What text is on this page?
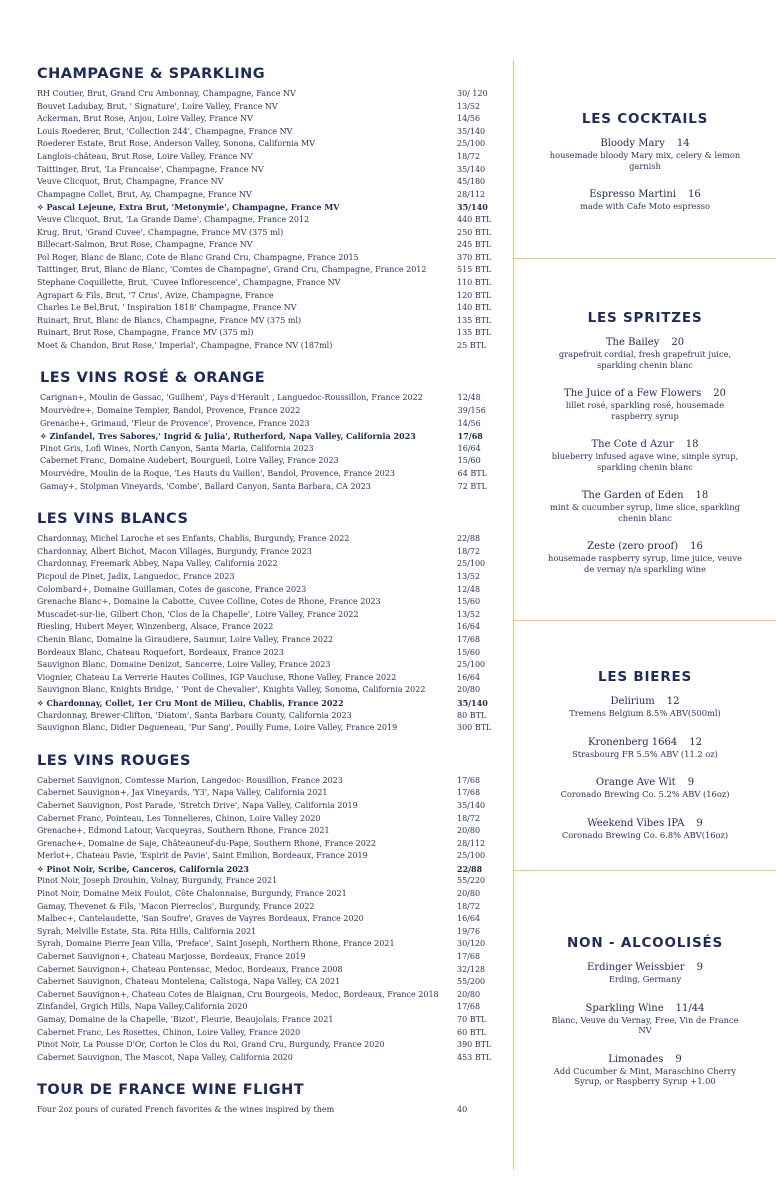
CHAMPAGNE & SPARKLING
RH Coutier, Brut, Grand Cru Ambonnay, Champagne, Fance NV	30/ 120
Bouvet Ladubay, Brut, ' Signature', Loire Valley, France NV	13/52
Ackerman, Brut Rose, Anjou, Loire Valley, France NV	14/56
Louis Roederer, Brut, 'Collection 244', Champagne, France NV	35/140
Roederer Estate, Brut Rose, Anderson Valley, Sonona, California MV	25/100
Langlois-château, Brut Rose, Loire Valley, France NV	18/72
Taittinger, Brut, 'La Francaise', Champagne, France NV	35/140
Veuve Clicquot, Brut, Champagne, France NV	45/180
Champagne Collet, Brut, Ay, Champagne, France NV	28/112
✧ Pascal Lejeune, Extra Brut, 'Metonymie', Champagne, France MV	35/140
Veuve Clicquot, Brut, 'La Grande Dame', Champagne, France 2012	440 BTL
Krug, Brut, 'Grand Cuvee', Champagne, France MV (375 ml)	250 BTL
Billecart-Salmon, Brut Rose, Champagne, France NV	245 BTL
Pol Roger, Blanc de Blanc, Cote de Blanc Grand Cru, Champagne, France 2015	370 BTL
Taittinger, Brut, Blanc de Blanc, 'Comtes de Champagne', Grand Cru, Champagne, France 2012	515 BTL
Stephane Coquillette, Brut, 'Cuvee Inflorescence', Champagne, France NV	110 BTL
Agrapart & Fils, Brut, '7 Crus', Avize, Champagne, France	120 BTL
Charles Le Bel,Brut, ' Inspiration 1818' Champagne, France NV	140 BTL
Ruinart, Brut, Blanc de Blancs, Champagne, France MV (375 ml)	135 BTL
Ruinart, Brut Rose, Champagne, France MV (375 ml)	135 BTL
Moet & Chandon, Brut Rose,' Imperial', Champagne, France NV (187ml)	25 BTL
LES VINS ROSÉ & ORANGE
Carignan+, Moulin de Gassac, 'Guilhem', Pays d'Herault , Languedoc-Roussillon, France 2022	12/48
Mourvèdre+, Domaine Tempier, Bandol, Provence, France 2022	39/156
Grenache+, Grimaud, 'Fleur de Provence', Provence, France 2023	14/56
✧ Zinfandel, Tres Sabores,' Ingrid & Julia', Rutherford, Napa Valley, California 2023	17/68
Pinot Gris, Lofi Wines, North Canyon, Santa Maria, California 2023	16/64
Cabernet Franc, Domaine Audebert, Bourgueil, Loire Valley, France 2023	15/60
Mourvèdre, Moulin de la Roque, 'Les Hauts du Vaillon', Bandol, Provence, France 2023	64 BTL
Gamay+, Stolpman Vineyards, 'Combe', Ballard Canyon, Santa Barbara, CA 2023	72 BTL
LES VINS BLANCS
Chardonnay, Michel Laroche et ses Enfants, Chablis, Burgundy, France 2022	22/88
Chardonnay, Albert Bichot, Macon Villages, Burgundy, France 2023	18/72
Chardonnay, Freemark Abbey, Napa Valley, California 2022	25/100
Picpoul de Pinet, Jadix, Languedoc, France 2023	13/52
Colombard+, Domaine Guillaman, Cotes de gascone, France 2023	12/48
Grenache Blanc+, Domaine la Cabotte, Cuvee Colline, Cotes de Rhone, France 2023	15/60
Muscadet-sur-lie, Gilbert Chon, 'Clos de la Chapelle', Loire Valley, France 2022	13/52
Riesling, Hubert Meyer, Winzenberg, Alsace, France 2022	16/64
Chenin Blanc, Domaine la Giraudiere, Saumur, Loire Valley, France 2022	17/68
Bordeaux Blanc, Chateau Roquefort, Bordeaux, France 2023	15/60
Sauvignon Blanc, Domaine Denizot, Sancerre, Loire Valley, France 2023	25/100
Viognier, Chateau La Verrerie Hautes Collines, IGP Vaucluse, Rhone Valley, France 2022	16/64
Sauvignon Blanc, Knights Bridge, ' 'Pont de Chevalier', Knights Valley, Sonoma, California 2022	20/80
✧ Chardonnay, Collet, 1er Cru Mont de Milieu, Chablis, France 2022	35/140
Chardonnay, Brewer-Clifton, 'Diatom', Santa Barbara County, California 2023	80 BTL
Sauvignon Blanc, Didier Dagueneau, 'Pur Sang', Pouilly Fume, Loire Valley, France 2019	300 BTL
LES VINS ROUGES
Cabernet Sauvignon, Comtesse Marion, Langedoc- Rousillion, France 2023	17/68
Cabernet Sauvignon+, Jax Vineyards, 'Y3', Napa Valley, California 2021	17/68
Cabernet Sauvignon, Post Parade, 'Stretch Drive', Napa Valley, California 2019	35/140
Cabernet Franc, Pointeau, Les Tonnelieres, Chinon, Loire Valley 2020	18/72
Grenache+, Edmond Latour, Vacqueyras, Southern Rhone, France 2021	20/80
Grenache+, Domaine de Saje, Châteauneuf-du-Pape, Southern Rhone, France 2022	28/112
Merlot+, Chateau Pavie, 'Espirit de Pavie', Saint Emilion, Bordeaux, France 2019	25/100
✧ Pinot Noir, Scribe, Canceros, California 2023	22/88
Pinot Noir, Joseph Drouhin, Volnay, Burgundy, France 2021	55/220
Pinot Noir, Domaine Meix Foulot, Côte Chalonnaise, Burgundy, France 2021	20/80
Gamay, Thevenet & Fils, 'Macon Pierreclos', Burgundy, France 2022	18/72
Malbec+, Cantelaudette, 'San Soufre', Graves de Vayres Bordeaux, France 2020	16/64
Syrah, Melville Estate, Sta. Rita Hills, California 2021	19/76
Syrah, Domaine Pierre Jean Villa, 'Preface', Saint Joseph, Northern Rhone, France 2021	30/120
Cabernet Sauvignon+, Chateau Marjosse, Bordeaux, France 2019	17/68
Cabernet Sauvignon+, Chateau Pontensac, Medoc, Bordeaux, France 2008	32/128
Cabernet Sauvignon, Chateau Montelena, Calistoga, Napa Valley, CA 2021	55/200
Cabernet Sauvignon+, Chateau Cotes de Blaignan, Cru Bourgeois, Medoc, Bordeaux, France 2018	20/80
Zinfandel, Grgich Hills, Napa Valley,California 2020	17/68
Gamay, Domaine de la Chapelle, 'Bizot', Fleurie, Beaujolais, France 2021	70 BTL
Cabernet Franc, Les Rosettes, Chinon, Loire Valley, France 2020	60 BTL
Pinot Noir, La Pousse D'Or, Corton le Clos du Roi, Grand Cru, Burgundy, France 2020	390 BTL
Cabernet Sauvignon, The Mascot, Napa Valley, California 2020	453 BTL
TOUR DE FRANCE WINE FLIGHT
Four 2oz pours of curated French favorites & the wines inspired by them	40
LES COCKTAILS
Bloody Mary 14
housemade bloody Mary mix, celery & lemon garnish
Espresso Martini 16
made with Cafe Moto espresso
LES SPRITZES
The Bailey 20
grapefruit cordial, fresh grapefruit juice, sparkling chenin blanc
The Juice of a Few Flowers 20
lillet rosé, sparkling rosé, housemade raspberry syrup
The Cote d Azur 18
blueberry infused agave wine, simple syrup, sparkling chenin blanc
The Garden of Eden 18
mint & cucumber syrup, lime slice, sparkling chenin blanc
Zeste (zero proof) 16
housemade raspberry syrup, lime juice, veuve de vernay n/a sparkling wine
LES BIERES
Delirium 12
Tremens Belgium 8.5% ABV(500ml)
Kronenberg 1664 12
Strasbourg FR 5.5% ABV (11.2 oz)
Orange Ave Wit 9
Coronado Brewing Co. 5.2% ABV (16oz)
Weekend Vibes IPA 9
Coronado Brewing Co. 6.8% ABV(16oz)
NON - ALCOOLISÉS
Erdinger Weissbier 9
Erding, Germany
Sparkling Wine 11/44
Blanc, Veuve du Vernay, Free, Vin de France NV
Limonades 9
Add Cucumber & Mint, Maraschino Cherry Syrup, or Raspberry Syrup +1.00
